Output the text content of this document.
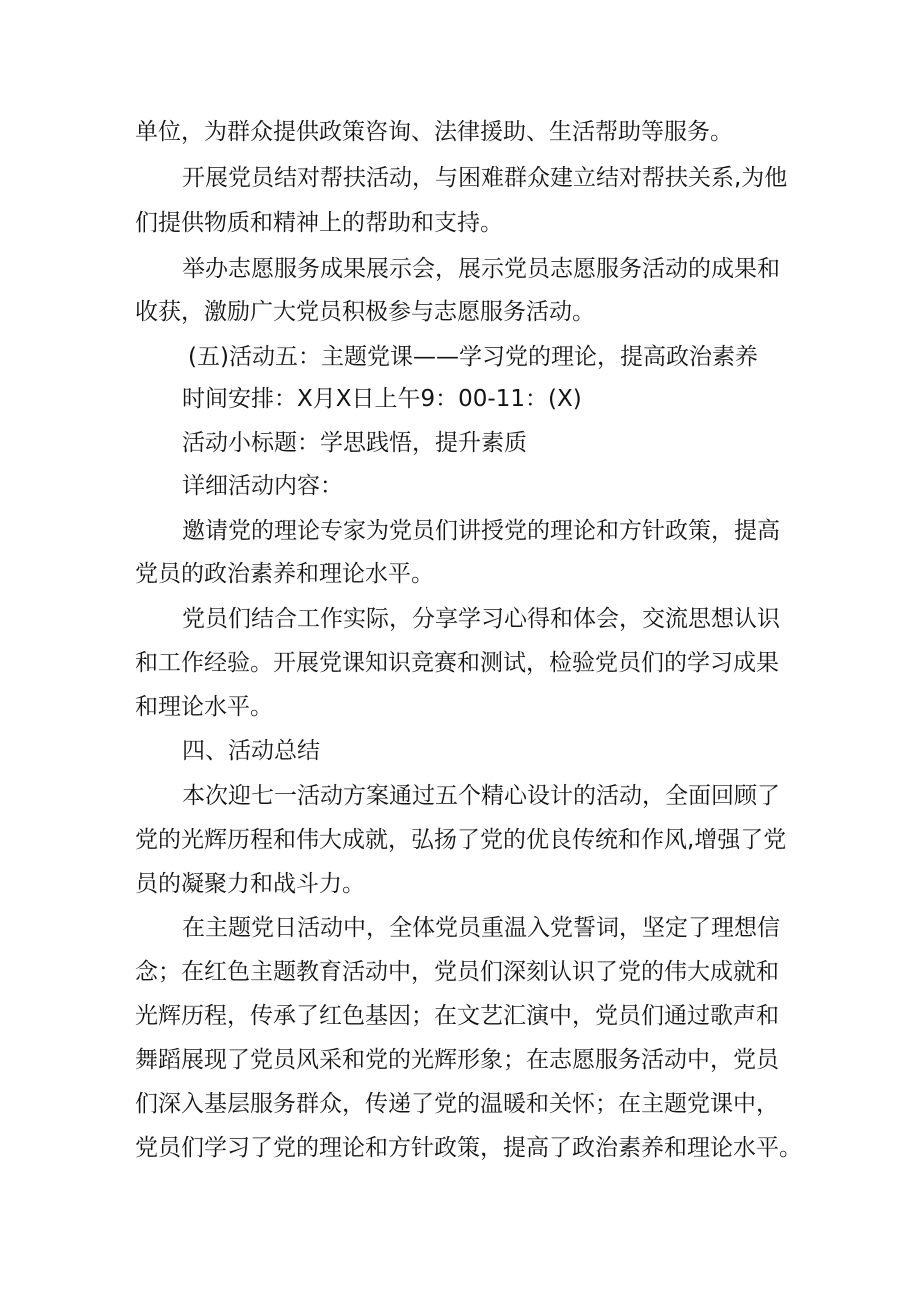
单位，为群众提供政策咨询、法律援助、生活帮助等服务。
开展党员结对帮扶活动，与困难群众建立结对帮扶关系,为他
们提供物质和精神上的帮助和支持。
举办志愿服务成果展示会，展示党员志愿服务活动的成果和
收获，激励广大党员积极参与志愿服务活动。
(五)活动五：主题党课——学习党的理论，提高政治素养
时间安排：X月X日上午9：00-11：(X)
活动小标题：学思践悟，提升素质
详细活动内容：
邀请党的理论专家为党员们讲授党的理论和方针政策，提高
党员的政治素养和理论水平。
党员们结合工作实际，分享学习心得和体会，交流思想认识
和工作经验。开展党课知识竞赛和测试，检验党员们的学习成果
和理论水平。
四、活动总结
本次迎七一活动方案通过五个精心设计的活动，全面回顾了
党的光辉历程和伟大成就，弘扬了党的优良传统和作风,增强了党
员的凝聚力和战斗力。
在主题党日活动中，全体党员重温入党誓词，坚定了理想信
念；在红色主题教育活动中，党员们深刻认识了党的伟大成就和
光辉历程，传承了红色基因；在文艺汇演中，党员们通过歌声和
舞蹈展现了党员风采和党的光辉形象；在志愿服务活动中，党员
们深入基层服务群众，传递了党的温暖和关怀；在主题党课中，
党员们学习了党的理论和方针政策，提高了政治素养和理论水平。
